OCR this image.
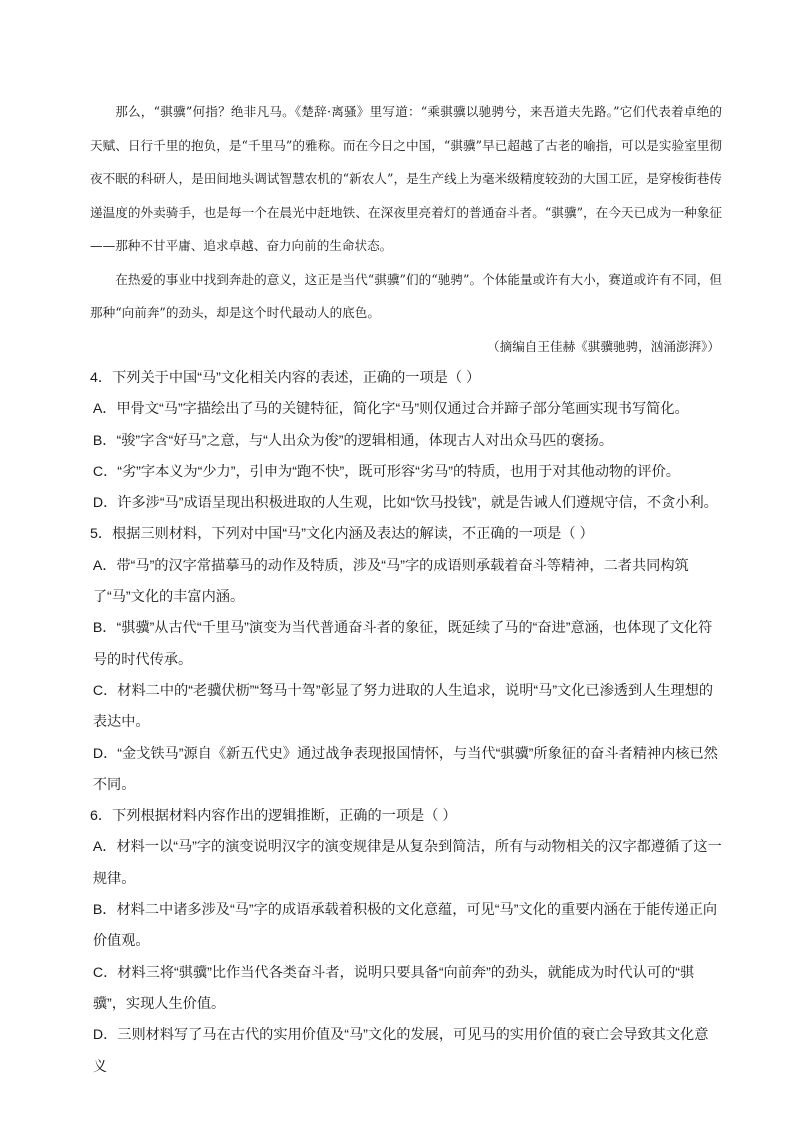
那么，“骐骥”何指？绝非凡马。《楚辞·离骚》里写道：“乘骐骥以驰骋兮，来吾道夫先路。”它们代表着卓绝的天赋、日行千里的抱负，是“千里马”的雅称。而在今日之中国，“骐骥”早已超越了古老的喻指，可以是实验室里彻夜不眠的科研人，是田间地头调试智慧农机的“新农人”，是生产线上为毫米级精度较劲的大国工匠，是穿梭街巷传递温度的外卖骑手，也是每一个在晨光中赶地铁、在深夜里亮着灯的普通奋斗者。“骐骥”，在今天已成为一种象征——那种不甘平庸、追求卓越、奋力向前的生命状态。

在热爱的事业中找到奔赴的意义，这正是当代“骐骥”们的“驰骋”。个体能量或许有大小，赛道或许有不同，但那种“向前奔”的劲头，却是这个时代最动人的底色。

（摘编自王佳赫《骐骥驰骋，汹涌澎湃》）

4．下列关于中国“马”文化相关内容的表述，正确的一项是（ ）

A．甲骨文“马”字描绘出了马的关键特征，简化字“马”则仅通过合并蹄子部分笔画实现书写简化。

B．“骏”字含“好马”之意，与“人出众为俊”的逻辑相通，体现古人对出众马匹的褒扬。

C．“劣”字本义为“少力”，引申为“跑不快”，既可形容“劣马”的特质，也用于对其他动物的评价。

D．许多涉“马”成语呈现出积极进取的人生观，比如“饮马投钱”，就是告诫人们遵规守信，不贪小利。

5．根据三则材料，下列对中国“马”文化内涵及表达的解读，不正确的一项是（ ）

A．带“马”的汉字常描摹马的动作及特质，涉及“马”字的成语则承载着奋斗等精神，二者共同构筑了“马”文化的丰富内涵。

B．“骐骥”从古代“千里马”演变为当代普通奋斗者的象征，既延续了马的“奋进”意涵，也体现了文化符号的时代传承。

C．材料二中的“老骥伏枥”“驽马十驾”彰显了努力进取的人生追求，说明“马”文化已渗透到人生理想的表达中。

D．“金戈铁马”源自《新五代史》通过战争表现报国情怀，与当代“骐骥”所象征的奋斗者精神内核已然不同。

6．下列根据材料内容作出的逻辑推断，正确的一项是（ ）

A．材料一以“马”字的演变说明汉字的演变规律是从复杂到简洁，所有与动物相关的汉字都遵循了这一规律。

B．材料二中诸多涉及“马”字的成语承载着积极的文化意蕴，可见“马”文化的重要内涵在于能传递正向价值观。

C．材料三将“骐骥”比作当代各类奋斗者，说明只要具备“向前奔”的劲头，就能成为时代认可的“骐骥”，实现人生价值。

D．三则材料写了马在古代的实用价值及“马”文化的发展，可见马的实用价值的衰亡会导致其文化意义
